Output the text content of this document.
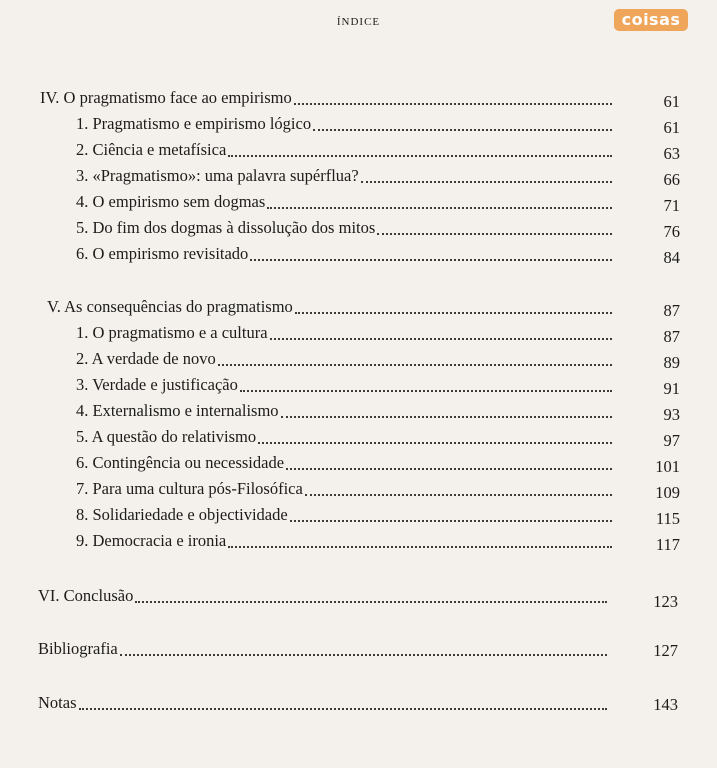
ÍNDICE	coisas
IV. O pragmatismo face ao empirismo	61
1. Pragmatismo e empirismo lógico	61
2. Ciência e metafísica	63
3. «Pragmatismo»: uma palavra supérflua?	66
4. O empirismo sem dogmas	71
5. Do fim dos dogmas à dissolução dos mitos	76
6. O empirismo revisitado	84
V. As consequências do pragmatismo	87
1. O pragmatismo e a cultura	87
2. A verdade de novo	89
3. Verdade e justificação	91
4. Externalismo e internalismo	93
5. A questão do relativismo	97
6. Contingência ou necessidade	101
7. Para uma cultura pós-Filosófica	109
8. Solidariedade e objectividade	115
9. Democracia e ironia	117
VI. Conclusão	123
Bibliografia	127
Notas	143
